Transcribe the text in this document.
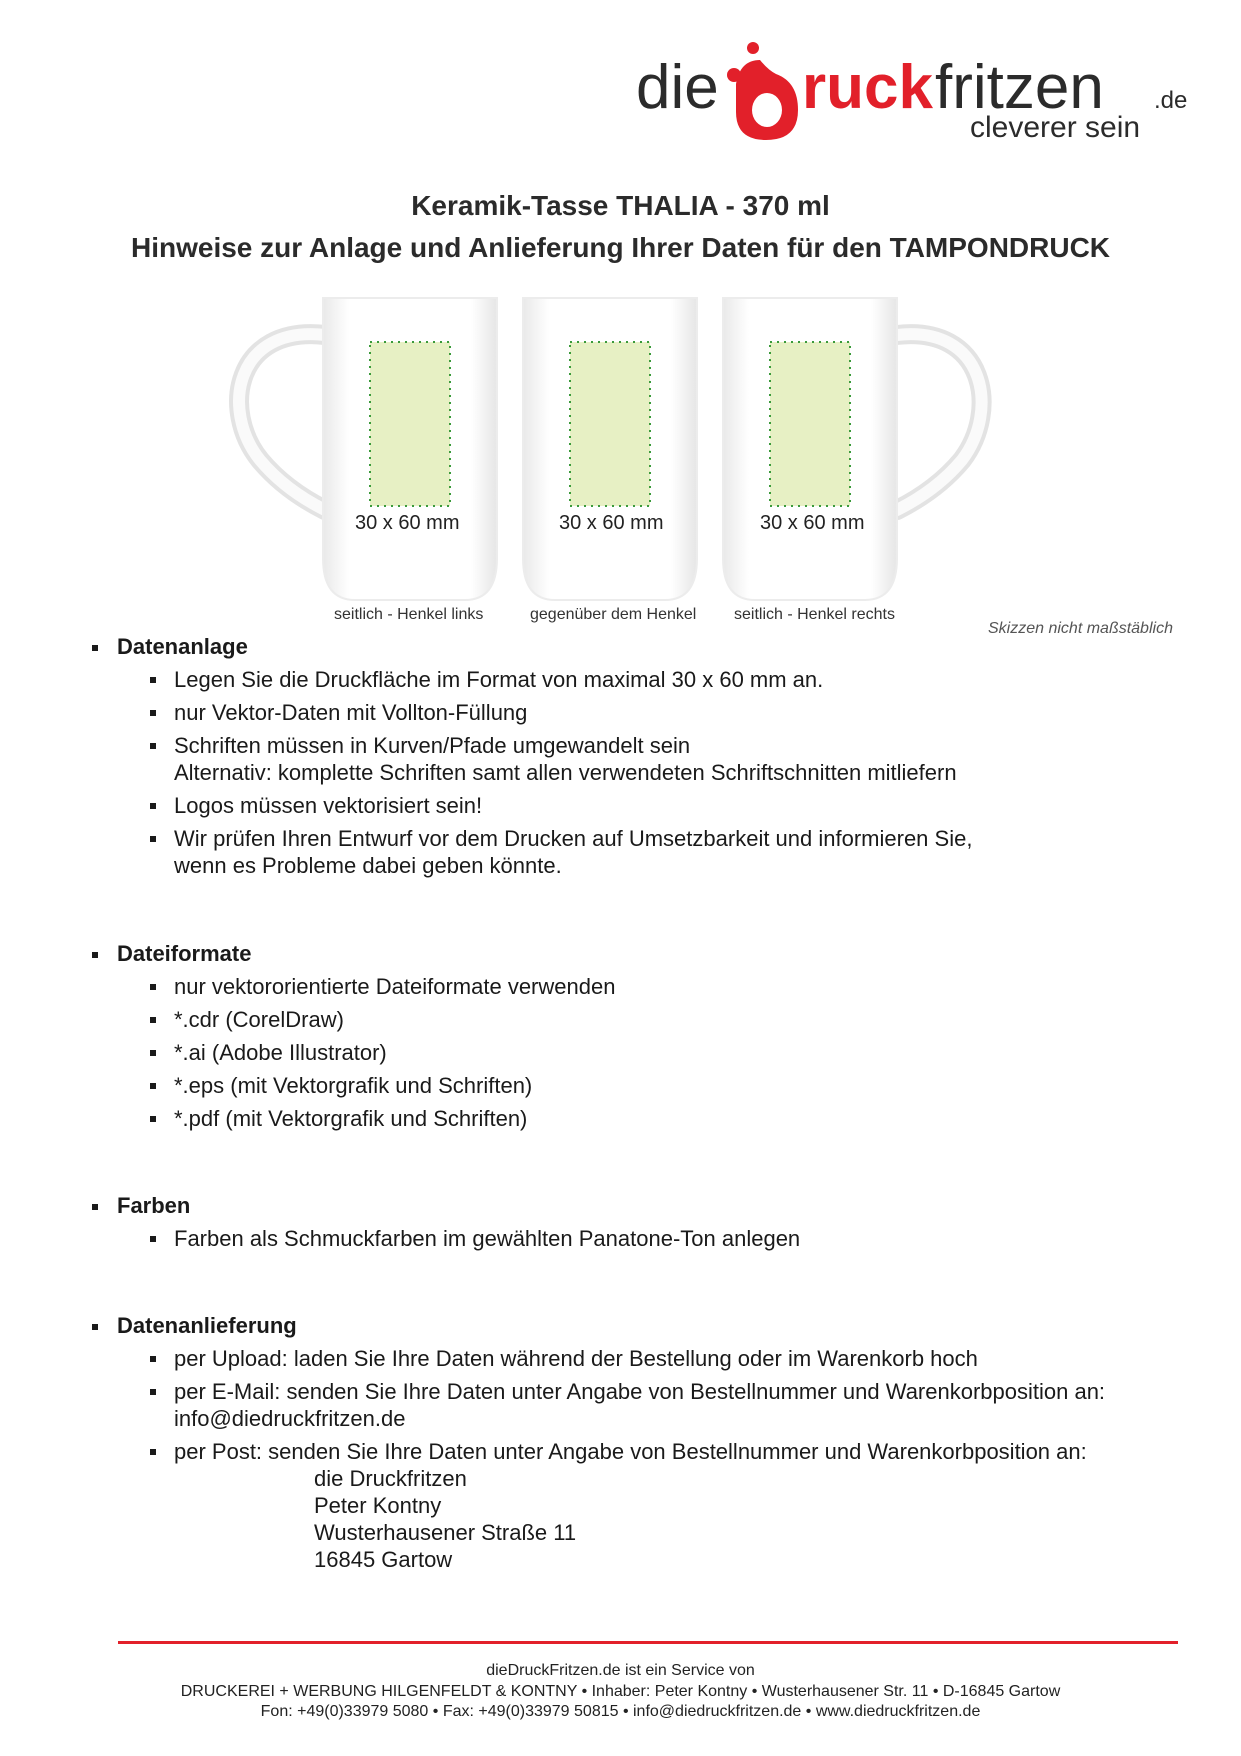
die ruck fritzen .de
cleverer sein
Keramik-Tasse THALIA - 370 ml
Hinweise zur Anlage und Anlieferung Ihrer Daten für den TAMPONDRUCK
30 x 60 mm	30 x 60 mm	30 x 60 mm
seitlich - Henkel links	gegenüber dem Henkel seitlich - Henkel rechts
Skizzen nicht maßstäblich
Datenanlage
Legen Sie die Druckfläche im Format von maximal 30 x 60 mm an.
nur Vektor-Daten mit Vollton-Füllung
Schriften müssen in Kurven/Pfade umgewandelt sein
Alternativ: komplette Schriften samt allen verwendeten Schriftschnitten mitliefern
Logos müssen vektorisiert sein!
Wir prüfen Ihren Entwurf vor dem Drucken auf Umsetzbarkeit und informieren Sie, wenn es Probleme dabei geben könnte.
Dateiformate
nur vektororientierte Dateiformate verwenden
*.cdr (CorelDraw)
*.ai (Adobe Illustrator)
*.eps (mit Vektorgrafik und Schriften)
*.pdf (mit Vektorgrafik und Schriften)
Farben
Farben als Schmuckfarben im gewählten Panatone-Ton anlegen
Datenanlieferung
per Upload: laden Sie Ihre Daten während der Bestellung oder im Warenkorb hoch
per E-Mail: senden Sie Ihre Daten unter Angabe von Bestellnummer und Warenkorbposition an:
info@diedruckfritzen.de
per Post: senden Sie Ihre Daten unter Angabe von Bestellnummer und Warenkorbposition an:
die Druckfritzen
Peter Kontny
Wusterhausener Straße 11
16845 Gartow
dieDruckFritzen.de ist ein Service von
DRUCKEREI + WERBUNG HILGENFELDT & KONTNY • Inhaber: Peter Kontny • Wusterhausener Str. 11 • D-16845 Gartow
Fon: +49(0)33979 5080 • Fax: +49(0)33979 50815 • info@diedruckfritzen.de • www.diedruckfritzen.de
